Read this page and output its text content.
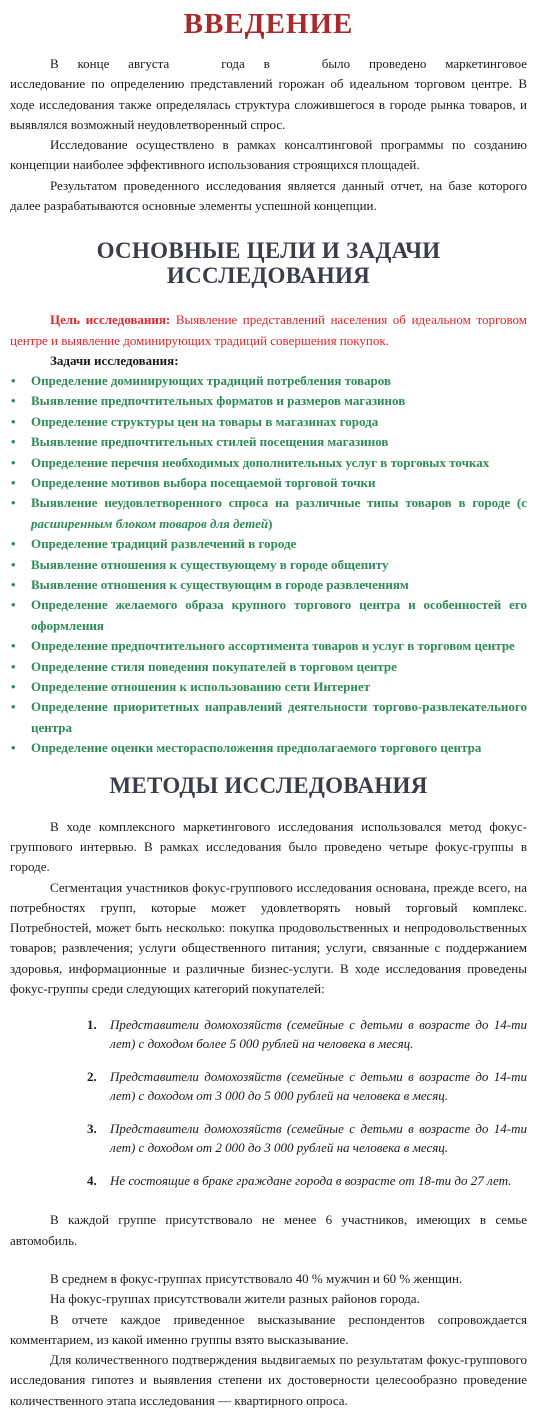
ВВЕДЕНИЕ

В конце августа	года в	было проведено маркетинговое исследование по определению представлений горожан об идеальном торговом центре. В ходе исследования также определялась структура сложившегося в городе рынка товаров, и выявлялся возможный неудовлетворенный спрос.

Исследование осуществлено в рамках консалтинговой программы по созданию концепции наиболее эффективного использования строящихся площадей.

Результатом проведенного исследования является данный отчет, на базе которого далее разрабатываются основные элементы успешной концепции.

ОСНОВНЫЕ ЦЕЛИ И ЗАДАЧИ
ИССЛЕДОВАНИЯ

Цель исследования: Выявление представлений населения об идеальном торговом центре и выявление доминирующих традиций совершения покупок.

Задачи исследования:
• Определение доминирующих традиций потребления товаров
• Выявление предпочтительных форматов и размеров магазинов
• Определение структуры цен на товары в магазинах города
• Выявление предпочтительных стилей посещения магазинов
• Определение перечня необходимых дополнительных услуг в торговых точках
• Определение мотивов выбора посещаемой торговой точки
• Выявление неудовлетворенного спроса на различные типы товаров в городе (с расширенным блоком товаров для детей)
• Определение традиций развлечений в городе
• Выявление отношения к существующему в городе общепиту
• Выявление отношения к существующим в городе развлечениям
• Определение желаемого образа крупного торгового центра и особенностей его оформления
• Определение предпочтительного ассортимента товаров и услуг в торговом центре
• Определение стиля поведения покупателей в торговом центре
• Определение отношения к использованию сети Интернет
• Определение приоритетных направлений деятельности торгово-развлекательного центра
• Определение оценки месторасположения предполагаемого торгового центра
МЕТОДЫ ИССЛЕДОВАНИЯ

В ходе комплексного маркетингового исследования использовался метод фокус-группового интервью. В рамках исследования было проведено четыре фокус-группы в городе.

Сегментация участников фокус-группового исследования основана, прежде всего, на потребностях групп, которые может удовлетворять новый торговый комплекс. Потребностей, может быть несколько: покупка продовольственных и непродовольственных товаров; развлечения; услуги общественного питания; услуги, связанные с поддержанием здоровья, информационные и различные бизнес-услуги. В ходе исследования проведены фокус-группы среди следующих категорий покупателей:

1. Представители домохозяйств (семейные с детьми в возрасте до 14-ти лет) с доходом более 5 000 рублей на человека в месяц.
2. Представители домохозяйств (семейные с детьми в возрасте до 14-ти лет) с доходом от 3 000 до 5 000 рублей на человека в месяц.
3. Представители домохозяйств (семейные с детьми в возрасте до 14-ти лет) с доходом от 2 000 до 3 000 рублей на человека в месяц.
4. Не состоящие в браке граждане города в возрасте от 18-ти до 27 лет.

В каждой группе присутствовало не менее 6 участников, имеющих в семье автомобиль.

В среднем в фокус-группах присутствовало 40 % мужчин и 60 % женщин.

На фокус-группах присутствовали жители разных районов города.

В отчете каждое приведенное высказывание респондентов сопровождается комментарием, из какой именно группы взято высказывание.

Для количественного подтверждения выдвигаемых по результатам фокус-группового исследования гипотез и выявления степени их достоверности целесообразно проведение количественного этапа исследования — квартирного опроса.
